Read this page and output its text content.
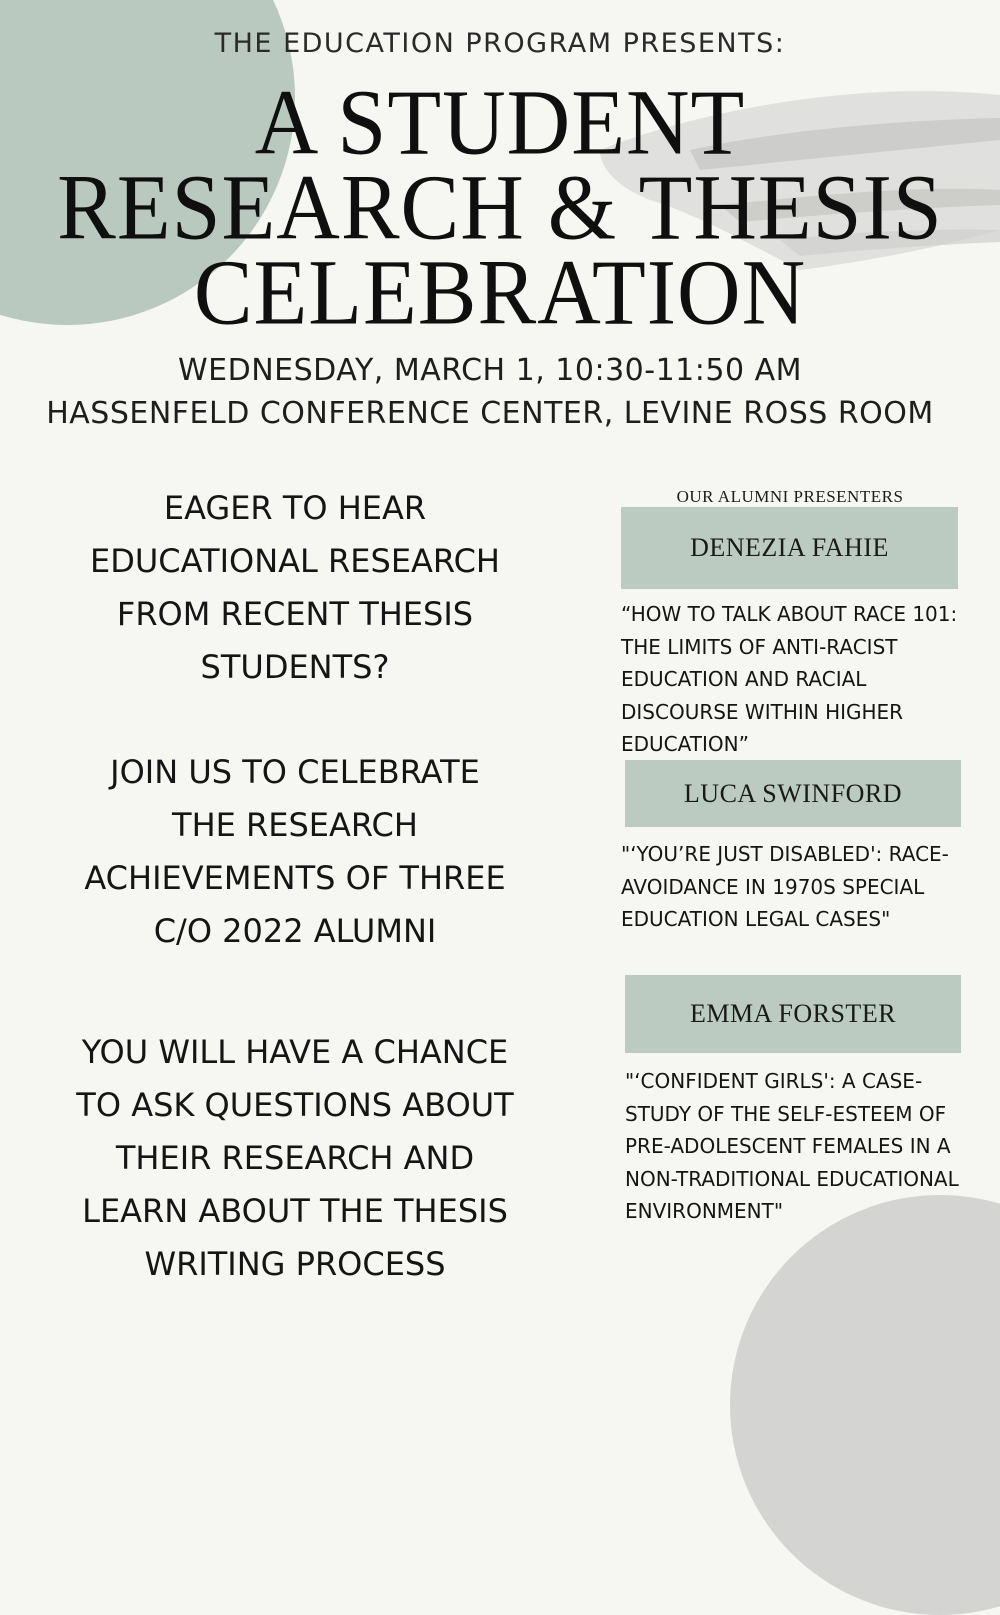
THE EDUCATION PROGRAM PRESENTS:
A STUDENT
RESEARCH & THESIS
CELEBRATION
WEDNESDAY, MARCH 1, 10:30-11:50 AM
HASSENFELD CONFERENCE CENTER, LEVINE ROSS ROOM
EAGER TO HEAR
EDUCATIONAL RESEARCH
FROM RECENT THESIS
STUDENTS?
JOIN US TO CELEBRATE
THE RESEARCH
ACHIEVEMENTS OF THREE
C/O 2022 ALUMNI
YOU WILL HAVE A CHANCE
TO ASK QUESTIONS ABOUT
THEIR RESEARCH AND
LEARN ABOUT THE THESIS
WRITING PROCESS
OUR ALUMNI PRESENTERS
DENEZIA FAHIE
“HOW TO TALK ABOUT RACE 101:
THE LIMITS OF ANTI-RACIST
EDUCATION AND RACIAL
DISCOURSE WITHIN HIGHER
EDUCATION”
LUCA SWINFORD
"‘YOU’RE JUST DISABLED': RACE-
AVOIDANCE IN 1970S SPECIAL
EDUCATION LEGAL CASES"
EMMA FORSTER
"‘CONFIDENT GIRLS': A CASE-
STUDY OF THE SELF-ESTEEM OF
PRE-ADOLESCENT FEMALES IN A
NON-TRADITIONAL EDUCATIONAL
ENVIRONMENT"
